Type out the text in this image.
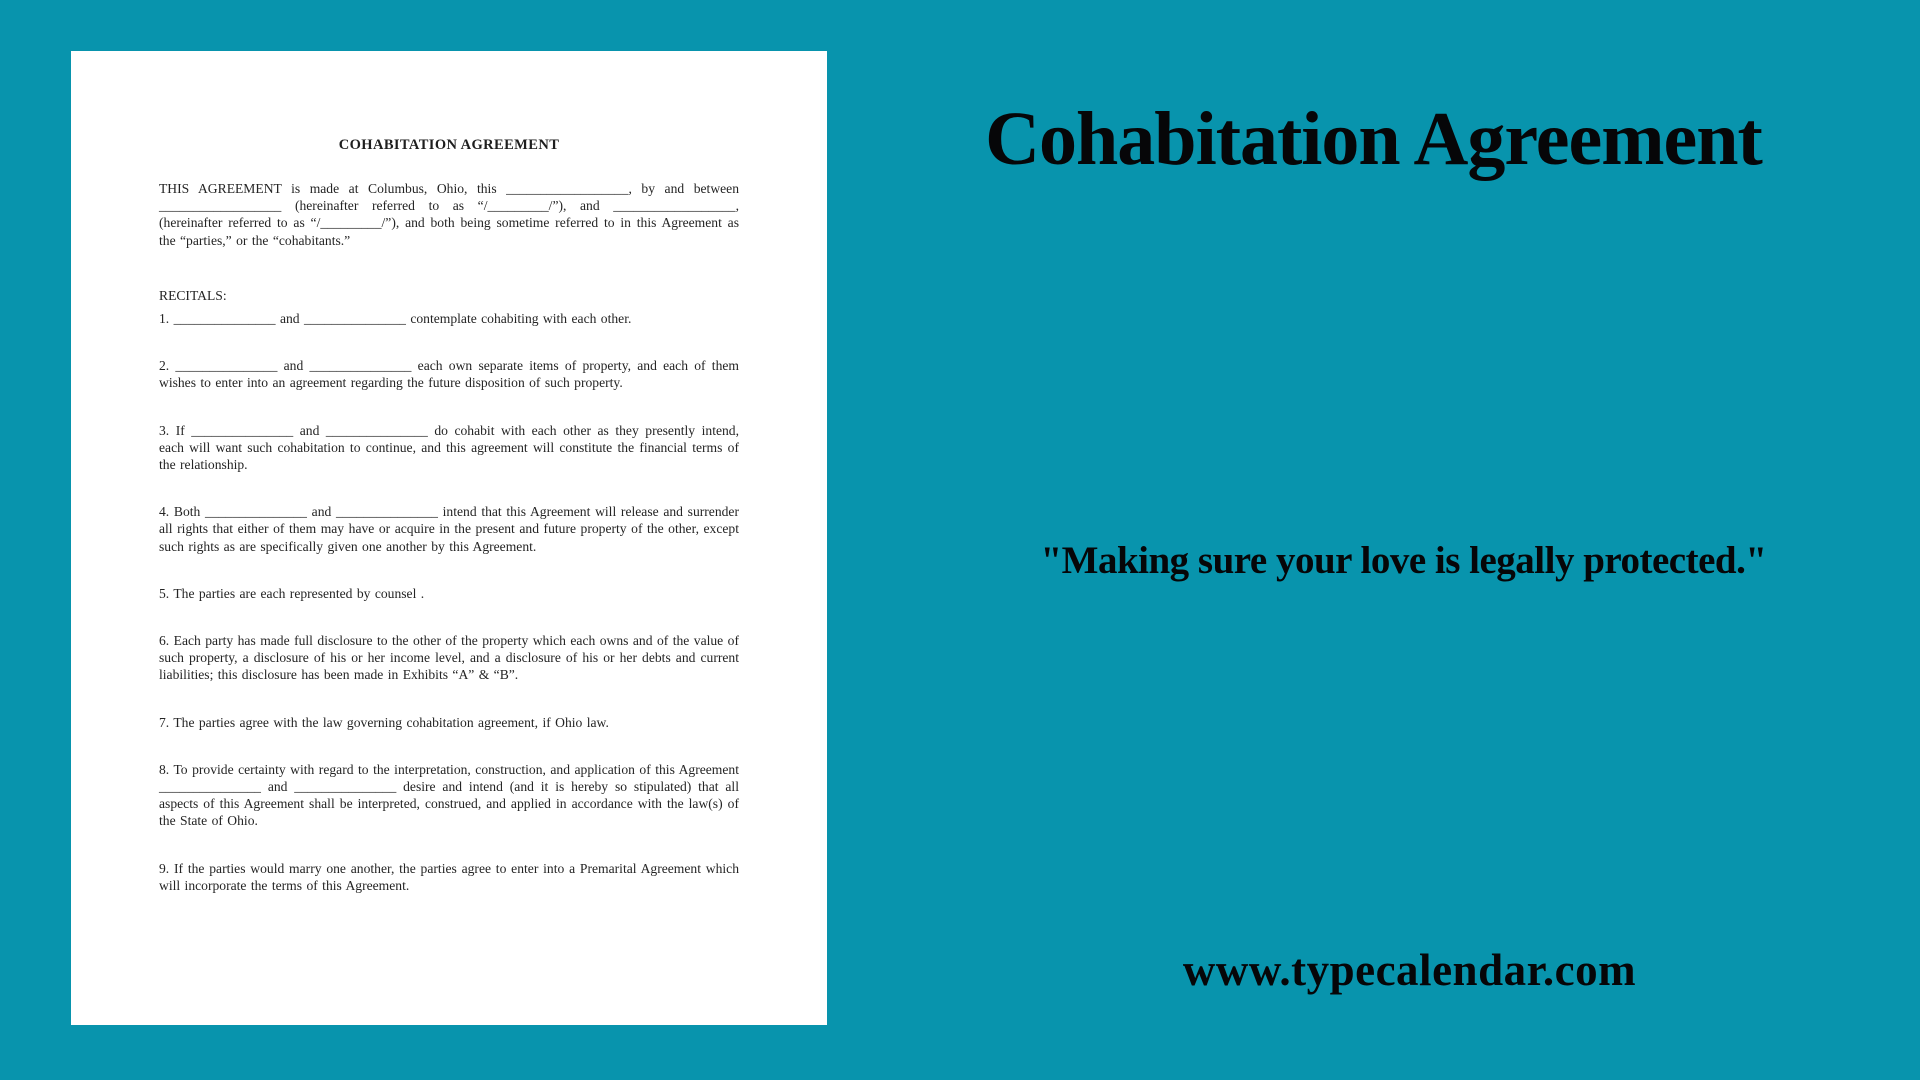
COHABITATION AGREEMENT

THIS AGREEMENT is made at Columbus, Ohio, this __________________, by and between __________________ (hereinafter referred to as “/_________/”), and __________________, (hereinafter referred to as “/_________/”), and both being sometime referred to in this Agreement as the “parties,” or the “cohabitants.”

RECITALS:

1. _______________ and _______________ contemplate cohabiting with each other.

2. _______________ and _______________ each own separate items of property, and each of them wishes to enter into an agreement regarding the future disposition of such property.

3. If _______________ and _______________ do cohabit with each other as they presently intend, each will want such cohabitation to continue, and this agreement will constitute the financial terms of the relationship.

4. Both _______________ and _______________ intend that this Agreement will release and surrender all rights that either of them may have or acquire in the present and future property of the other, except such rights as are specifically given one another by this Agreement.

5. The parties are each represented by counsel .

6. Each party has made full disclosure to the other of the property which each owns and of the value of such property, a disclosure of his or her income level, and a disclosure of his or her debts and current liabilities; this disclosure has been made in Exhibits “A” & “B”.

7. The parties agree with the law governing cohabitation agreement, if Ohio law.

8. To provide certainty with regard to the interpretation, construction, and application of this Agreement _______________ and _______________ desire and intend (and it is hereby so stipulated) that all aspects of this Agreement shall be interpreted, construed, and applied in accordance with the law(s) of the State of Ohio.

9. If the parties would marry one another, the parties agree to enter into a Premarital Agreement which will incorporate the terms of this Agreement.

Cohabitation Agreement
"Making sure your love is legally protected."
www.typecalendar.com
